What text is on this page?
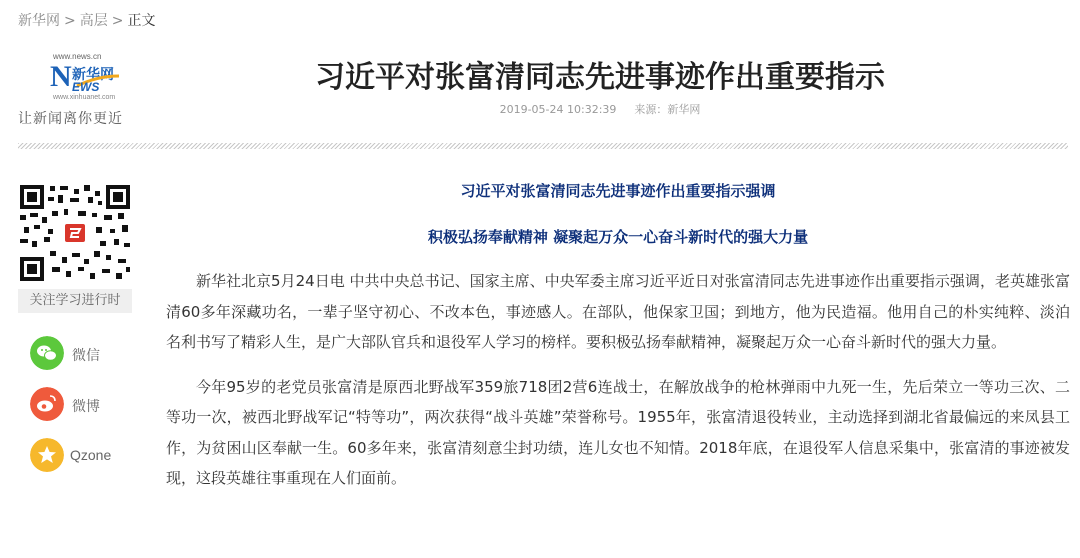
新华网 > 高层 > 正文
www.news.cn
N 新华网
EWS
www.xinhuanet.com
让新闻离你更近
习近平对张富清同志先进事迹作出重要指示
2019-05-24 10:32:39 来源：新华网
关注学习进行时
微信
微博
Qzone

习近平对张富清同志先进事迹作出重要指示强调

积极弘扬奉献精神 凝聚起万众一心奋斗新时代的强大力量

新华社北京5月24日电 中共中央总书记、国家主席、中央军委主席习近平近日对张富清同志先进事迹作出重要指示强调，老英雄张富清60多年深藏功名，一辈子坚守初心、不改本色，事迹感人。在部队，他保家卫国；到地方，他为民造福。他用自己的朴实纯粹、淡泊名利书写了精彩人生，是广大部队官兵和退役军人学习的榜样。要积极弘扬奉献精神，凝聚起万众一心奋斗新时代的强大力量。

今年95岁的老党员张富清是原西北野战军359旅718团2营6连战士，在解放战争的枪林弹雨中九死一生，先后荣立一等功三次、二等功一次，被西北野战军记“特等功”，两次获得“战斗英雄”荣誉称号。1955年，张富清退役转业，主动选择到湖北省最偏远的来凤县工作，为贫困山区奉献一生。60多年来，张富清刻意尘封功绩，连儿女也不知情。2018年底，在退役军人信息采集中，张富清的事迹被发现，这段英雄往事重现在人们面前。
